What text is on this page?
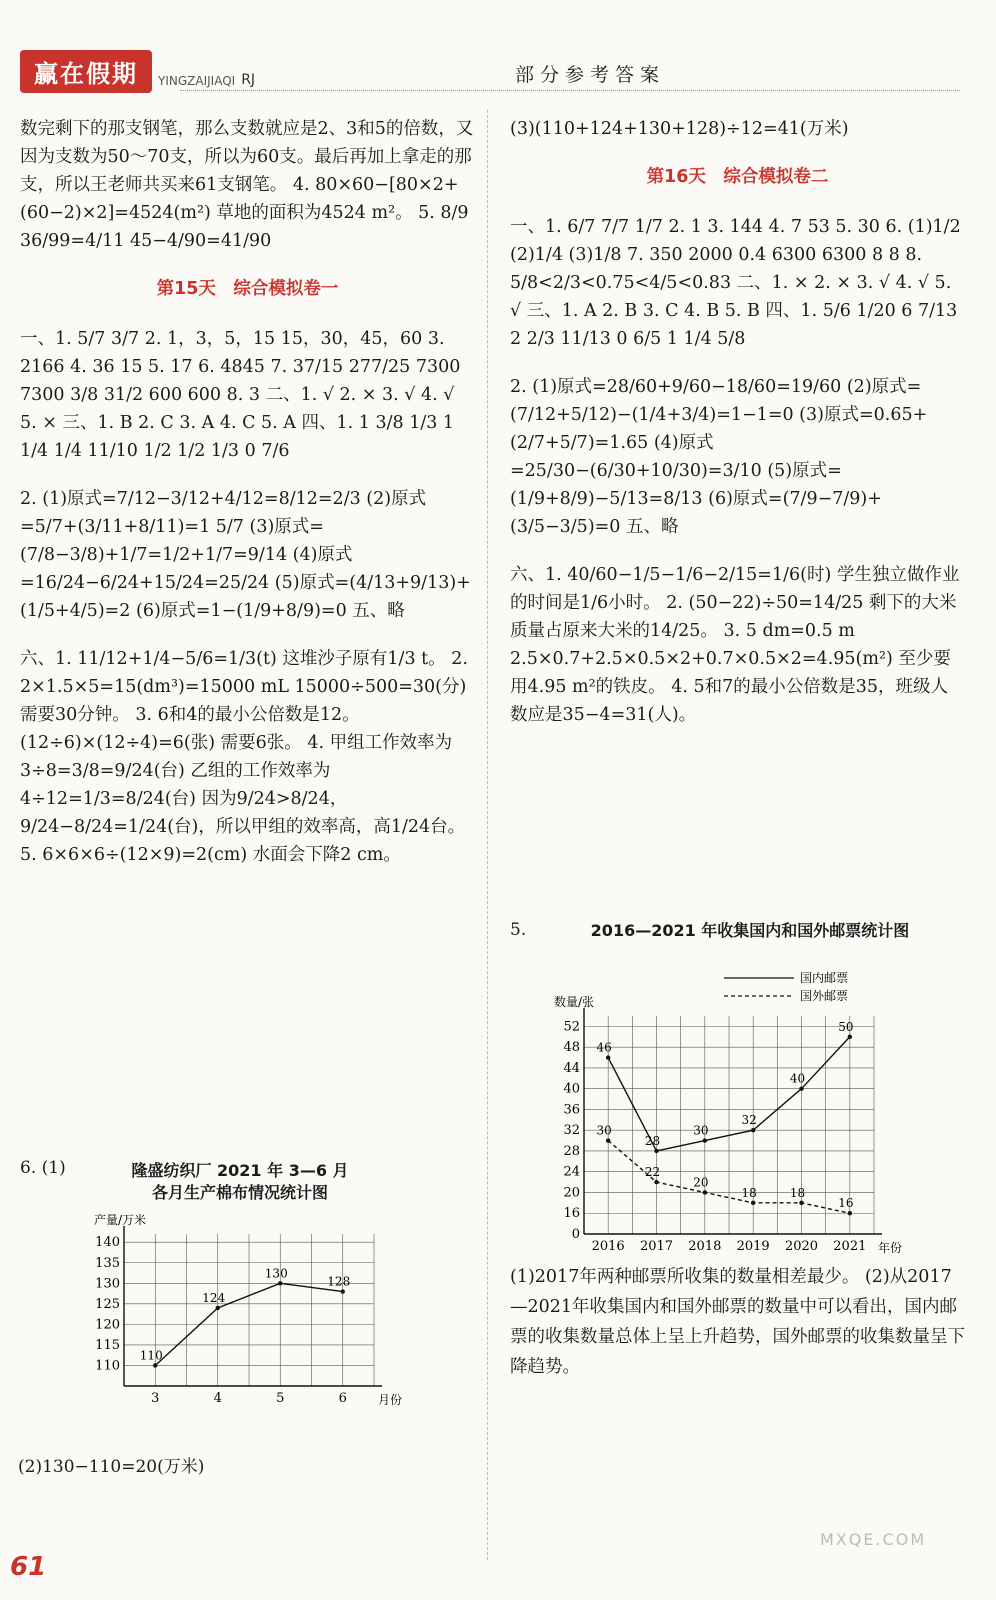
赢在假期	YINGZAIJIAQI RJ	部分参考答案

数完剩下的那支钢笔，那么支数就应是2、3和5的倍数，又因为支数为50～70支，所以为60支。最后再加上拿走的那支，所以王老师共买来61支钢笔。 4. 80×60−[80×2+(60−2)×2]=4524(m²) 草地的面积为4524 m²。 5. 8/9 36/99=4/11 45−4/90=41/90

第15天　综合模拟卷一

一、1. 5/7 3/7 2. 1，3，5，15 15，30，45，60 3. 2166 4. 36 15 5. 17 6. 4845 7. 37/15 277/25 7300 7300 3/8 31/2 600 600 8. 3 二、1. √ 2. × 3. √ 4. √ 5. × 三、1. B 2. C 3. A 4. C 5. A 四、1. 1 3/8 1/3 1 1/4 1/4 11/10 1/2 1/2 1/3 0 7/6

2. (1)原式=7/12−3/12+4/12=8/12=2/3 (2)原式=5/7+(3/11+8/11)=1 5/7 (3)原式=(7/8−3/8)+1/7=1/2+1/7=9/14 (4)原式=16/24−6/24+15/24=25/24 (5)原式=(4/13+9/13)+(1/5+4/5)=2 (6)原式=1−(1/9+8/9)=0 五、略

六、1. 11/12+1/4−5/6=1/3(t) 这堆沙子原有1/3 t。 2. 2×1.5×5=15(dm³)=15000 mL 15000÷500=30(分) 需要30分钟。 3. 6和4的最小公倍数是12。(12÷6)×(12÷4)=6(张) 需要6张。 4. 甲组工作效率为3÷8=3/8=9/24(台) 乙组的工作效率为4÷12=1/3=8/24(台) 因为9/24>8/24，9/24−8/24=1/24(台)，所以甲组的效率高，高1/24台。 5. 6×6×6÷(12×9)=2(cm) 水面会下降2 cm。

6. (1)	隆盛纺织厂 2021 年 3—6 月
各月生产棉布情况统计图
产量/万米
月份
110
115
120
125
130
135
140
3	4	5	6
110
124
130
128

(3)(110+124+130+128)÷12=41(万米)

第16天　综合模拟卷二

一、1. 6/7 7/7 1/7 2. 1 3. 144 4. 7 53 5. 30 6. (1)1/2 (2)1/4 (3)1/8 7. 350 2000 0.4 6300 6300 8 8 8. 5/8<2/3<0.75<4/5<0.83 二、1. × 2. × 3. √ 4. √ 5. √ 三、1. A 2. B 3. C 4. B 5. B 四、1. 5/6 1/20 6 7/13 2 2/3 11/13 0 6/5 1 1/4 5/8

2. (1)原式=28/60+9/60−18/60=19/60 (2)原式=(7/12+5/12)−(1/4+3/4)=1−1=0 (3)原式=0.65+(2/7+5/7)=1.65 (4)原式=25/30−(6/30+10/30)=3/10 (5)原式=(1/9+8/9)−5/13=8/13 (6)原式=(7/9−7/9)+(3/5−3/5)=0 五、略

六、1. 40/60−1/5−1/6−2/15=1/6(时) 学生独立做作业的时间是1/6小时。 2. (50−22)÷50=14/25 剩下的大米质量占原来大米的14/25。 3. 5 dm=0.5 m 2.5×0.7+2.5×0.5×2+0.7×0.5×2=4.95(m²) 至少要用4.95 m²的铁皮。 4. 5和7的最小公倍数是35，班级人数应是35−4=31(人)。

5.	2016—2021 年收集国内和国外邮票统计图
数量/张
年份
0
16
20
24
28
32
36
40
44
48
52
2016 2017 2018 2019 2020 2021
46
28
30
32
40
50
30
22
20
18	18
16
国内邮票
国外邮票
(1)2017年两种邮票所收集的数量相差最少。 (2)从2017—2021年收集国内和国外邮票的数量中可以看出，国内邮票的收集数量总体上呈上升趋势，国外邮票的收集数量呈下降趋势。
(2)130−110=20(万米)
61
MXQE.COM
